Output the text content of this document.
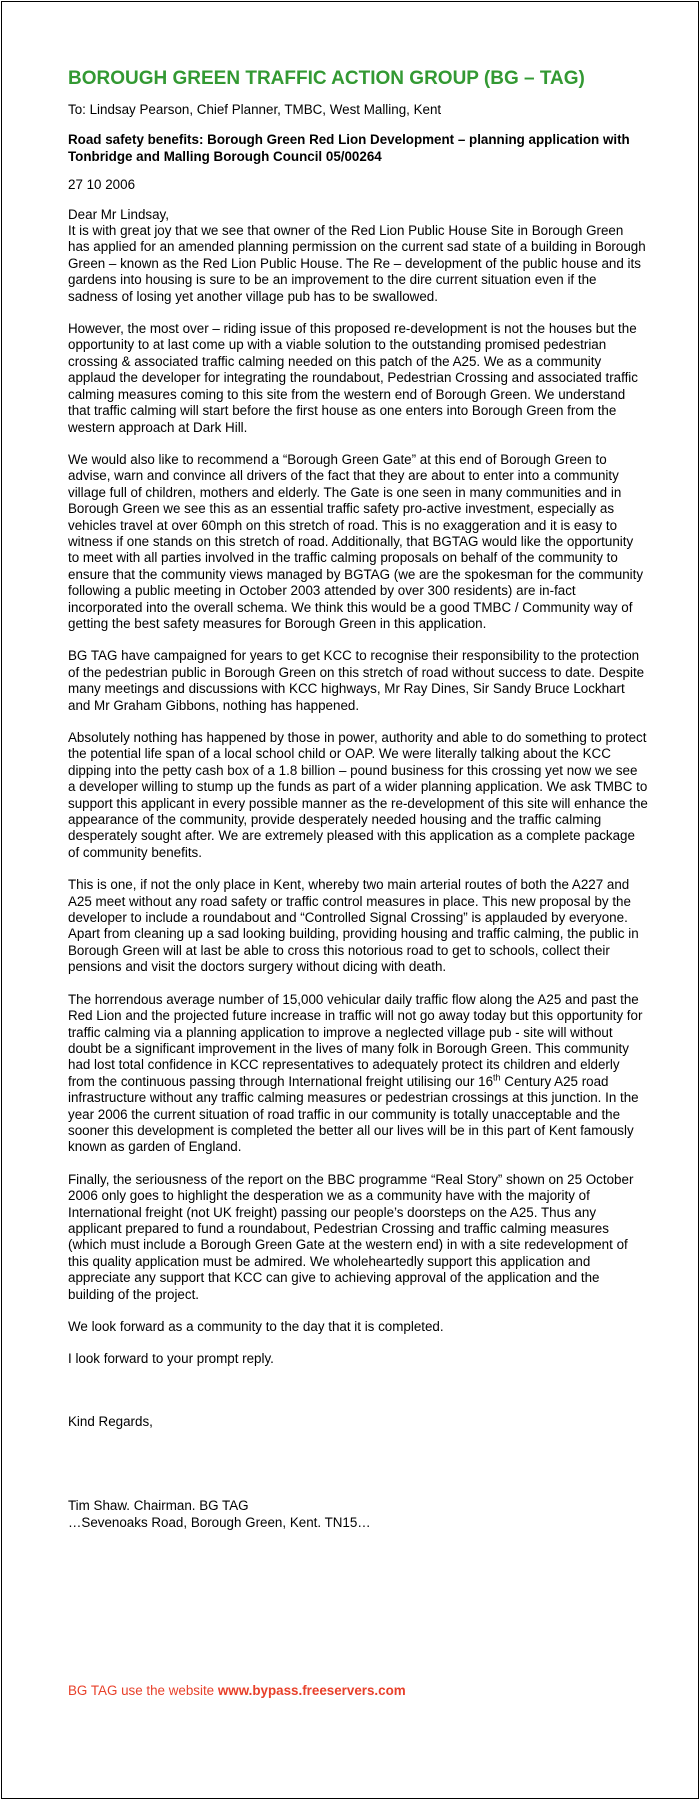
BOROUGH GREEN TRAFFIC ACTION GROUP (BG – TAG)
To: Lindsay Pearson, Chief Planner, TMBC, West Malling, Kent
Road safety benefits: Borough Green Red Lion Development – planning application with Tonbridge and Malling Borough Council 05/00264
27 10 2006
Dear Mr Lindsay,
It is with great joy that we see that owner of the Red Lion Public House Site in Borough Green has applied for an amended planning permission on the current sad state of a building in Borough Green – known as the Red Lion Public House. The Re – development of the public house and its gardens into housing is sure to be an improvement to the dire current situation even if the sadness of losing yet another village pub has to be swallowed.
However, the most over – riding issue of this proposed re-development is not the houses but the opportunity to at last come up with a viable solution to the outstanding promised pedestrian crossing & associated traffic calming needed on this patch of the A25. We as a community applaud the developer for integrating the roundabout, Pedestrian Crossing and associated traffic calming measures coming to this site from the western end of Borough Green. We understand that traffic calming will start before the first house as one enters into Borough Green from the western approach at Dark Hill.
We would also like to recommend a “Borough Green Gate” at this end of Borough Green to advise, warn and convince all drivers of the fact that they are about to enter into a community village full of children, mothers and elderly. The Gate is one seen in many communities and in Borough Green we see this as an essential traffic safety pro-active investment, especially as vehicles travel at over 60mph on this stretch of road. This is no exaggeration and it is easy to witness if one stands on this stretch of road. Additionally, that BGTAG would like the opportunity to meet with all parties involved in the traffic calming proposals on behalf of the community to ensure that the community views managed by BGTAG (we are the spokesman for the community following a public meeting in October 2003 attended by over 300 residents) are in-fact incorporated into the overall schema. We think this would be a good TMBC / Community way of getting the best safety measures for Borough Green in this application.
BG TAG have campaigned for years to get KCC to recognise their responsibility to the protection of the pedestrian public in Borough Green on this stretch of road without success to date. Despite many meetings and discussions with KCC highways, Mr Ray Dines, Sir Sandy Bruce Lockhart and Mr Graham Gibbons, nothing has happened.
Absolutely nothing has happened by those in power, authority and able to do something to protect the potential life span of a local school child or OAP. We were literally talking about the KCC dipping into the petty cash box of a 1.8 billion – pound business for this crossing yet now we see a developer willing to stump up the funds as part of a wider planning application. We ask TMBC to support this applicant in every possible manner as the re-development of this site will enhance the appearance of the community, provide desperately needed housing and the traffic calming desperately sought after. We are extremely pleased with this application as a complete package of community benefits.
This is one, if not the only place in Kent, whereby two main arterial routes of both the A227 and A25 meet without any road safety or traffic control measures in place. This new proposal by the developer to include a roundabout and “Controlled Signal Crossing” is applauded by everyone. Apart from cleaning up a sad looking building, providing housing and traffic calming, the public in Borough Green will at last be able to cross this notorious road to get to schools, collect their pensions and visit the doctors surgery without dicing with death.
The horrendous average number of 15,000 vehicular daily traffic flow along the A25 and past the Red Lion and the projected future increase in traffic will not go away today but this opportunity for traffic calming via a planning application to improve a neglected village pub - site will without doubt be a significant improvement in the lives of many folk in Borough Green. This community had lost total confidence in KCC representatives to adequately protect its children and elderly from the continuous passing through International freight utilising our 16th Century A25 road infrastructure without any traffic calming measures or pedestrian crossings at this junction. In the year 2006 the current situation of road traffic in our community is totally unacceptable and the sooner this development is completed the better all our lives will be in this part of Kent famously known as garden of England.
Finally, the seriousness of the report on the BBC programme “Real Story” shown on 25 October 2006 only goes to highlight the desperation we as a community have with the majority of International freight (not UK freight) passing our people’s doorsteps on the A25. Thus any applicant prepared to fund a roundabout, Pedestrian Crossing and traffic calming measures (which must include a Borough Green Gate at the western end) in with a site redevelopment of this quality application must be admired. We wholeheartedly support this application and appreciate any support that KCC can give to achieving approval of the application and the building of the project.
We look forward as a community to the day that it is completed.
I look forward to your prompt reply.
Kind Regards,
Tim Shaw. Chairman. BG TAG
…Sevenoaks Road, Borough Green, Kent. TN15…
BG TAG use the website www.bypass.freeservers.com
